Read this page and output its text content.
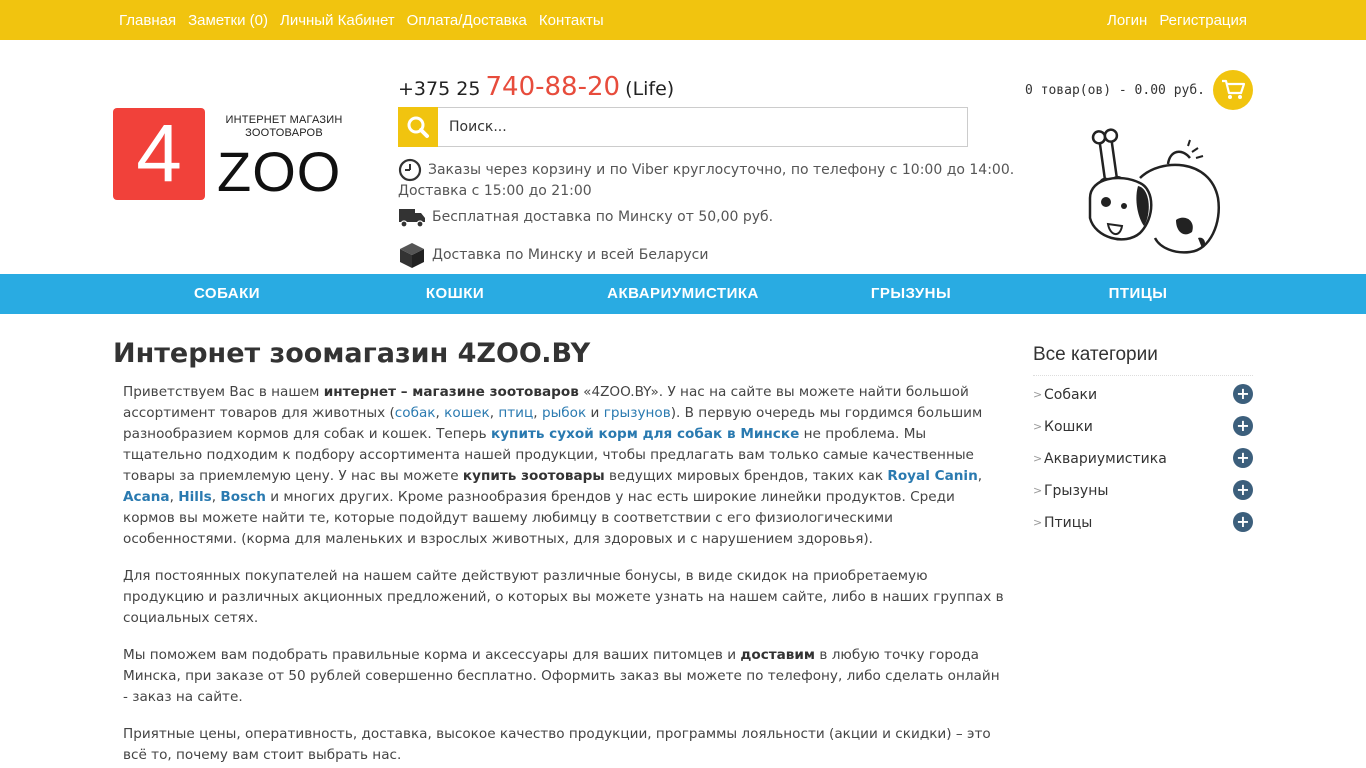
Главная Заметки (0) Личный Кабинет Оплата/Доставка Контакты	Логин Регистрация
4	ИНТЕРНЕТ МАГАЗИН ЗООТОВАРОВ
ZOO
+375 25 740-88-20 (Life)
Поиск...
Заказы через корзину и по Viber круглосуточно, по телефону с 10:00 до 14:00.
Доставка с 15:00 до 21:00
Бесплатная доставка по Минску от 50,00 руб.
Доставка по Минску и всей Беларуси
0 товар(ов) - 0.00 руб.
СОБАКИ	КОШКИ	АКВАРИУМИСТИКА	ГРЫЗУНЫ	ПТИЦЫ
Интернет зоомагазин 4ZOO.BY

Приветствуем Вас в нашем интернет – магазине зоотоваров «4ZOO.BY». У нас на сайте вы можете найти большой ассортимент товаров для животных (собак, кошек, птиц, рыбок и грызунов). В первую очередь мы гордимся большим разнообразием кормов для собак и кошек. Теперь купить сухой корм для собак в Минске не проблема. Мы тщательно подходим к подбору ассортимента нашей продукции, чтобы предлагать вам только самые качественные товары за приемлемую цену. У нас вы можете купить зоотовары ведущих мировых брендов, таких как Royal Canin, Acana, Hills, Bosch и многих других. Кроме разнообразия брендов у нас есть широкие линейки продуктов. Среди кормов вы можете найти те, которые подойдут вашему любимцу в соответствии с его физиологическими особенностями. (корма для маленьких и взрослых животных, для здоровых и с нарушением здоровья).

Для постоянных покупателей на нашем сайте действуют различные бонусы, в виде скидок на приобретаемую продукцию и различных акционных предложений, о которых вы можете узнать на нашем сайте, либо в наших группах в социальных сетях.

Мы поможем вам подобрать правильные корма и аксессуары для ваших питомцев и доставим в любую точку города Минска, при заказе от 50 рублей совершенно бесплатно. Оформить заказ вы можете по телефону, либо сделать онлайн - заказ на сайте.

Приятные цены, оперативность, доставка, высокое качество продукции, программы лояльности (акции и скидки) – это всё то, почему вам стоит выбрать нас.

Все категории
> Собаки	+
> Кошки	+
> Аквариумистика	+
> Грызуны	+
> Птицы	+
